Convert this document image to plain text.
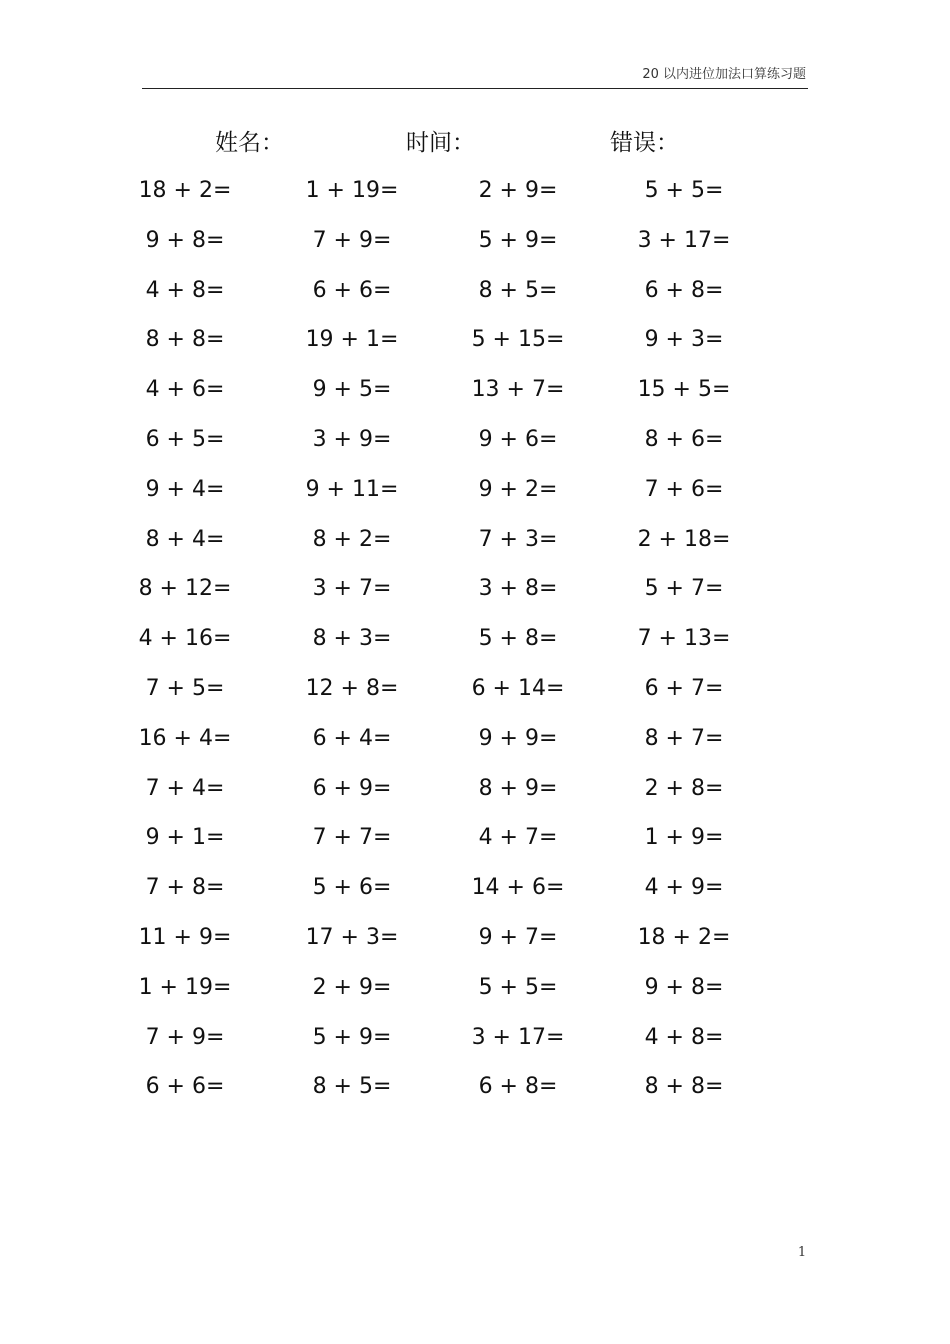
20 以内进位加法口算练习题
姓名：	时间：	错误：
18 + 2=	1 + 19=	2 + 9=	5 + 5=
9 + 8=	7 + 9=	5 + 9=	3 + 17=
4 + 8=	6 + 6=	8 + 5=	6 + 8=
8 + 8=	19 + 1=	5 + 15=	9 + 3=
4 + 6=	9 + 5=	13 + 7=	15 + 5=
6 + 5=	3 + 9=	9 + 6=	8 + 6=
9 + 4=	9 + 11=	9 + 2=	7 + 6=
8 + 4=	8 + 2=	7 + 3=	2 + 18=
8 + 12=	3 + 7=	3 + 8=	5 + 7=
4 + 16=	8 + 3=	5 + 8=	7 + 13=
7 + 5=	12 + 8=	6 + 14=	6 + 7=
16 + 4=	6 + 4=	9 + 9=	8 + 7=
7 + 4=	6 + 9=	8 + 9=	2 + 8=
9 + 1=	7 + 7=	4 + 7=	1 + 9=
7 + 8=	5 + 6=	14 + 6=	4 + 9=
11 + 9=	17 + 3=	9 + 7=	18 + 2=
1 + 19=	2 + 9=	5 + 5=	9 + 8=
7 + 9=	5 + 9=	3 + 17=	4 + 8=
6 + 6=	8 + 5=	6 + 8=	8 + 8=
1
